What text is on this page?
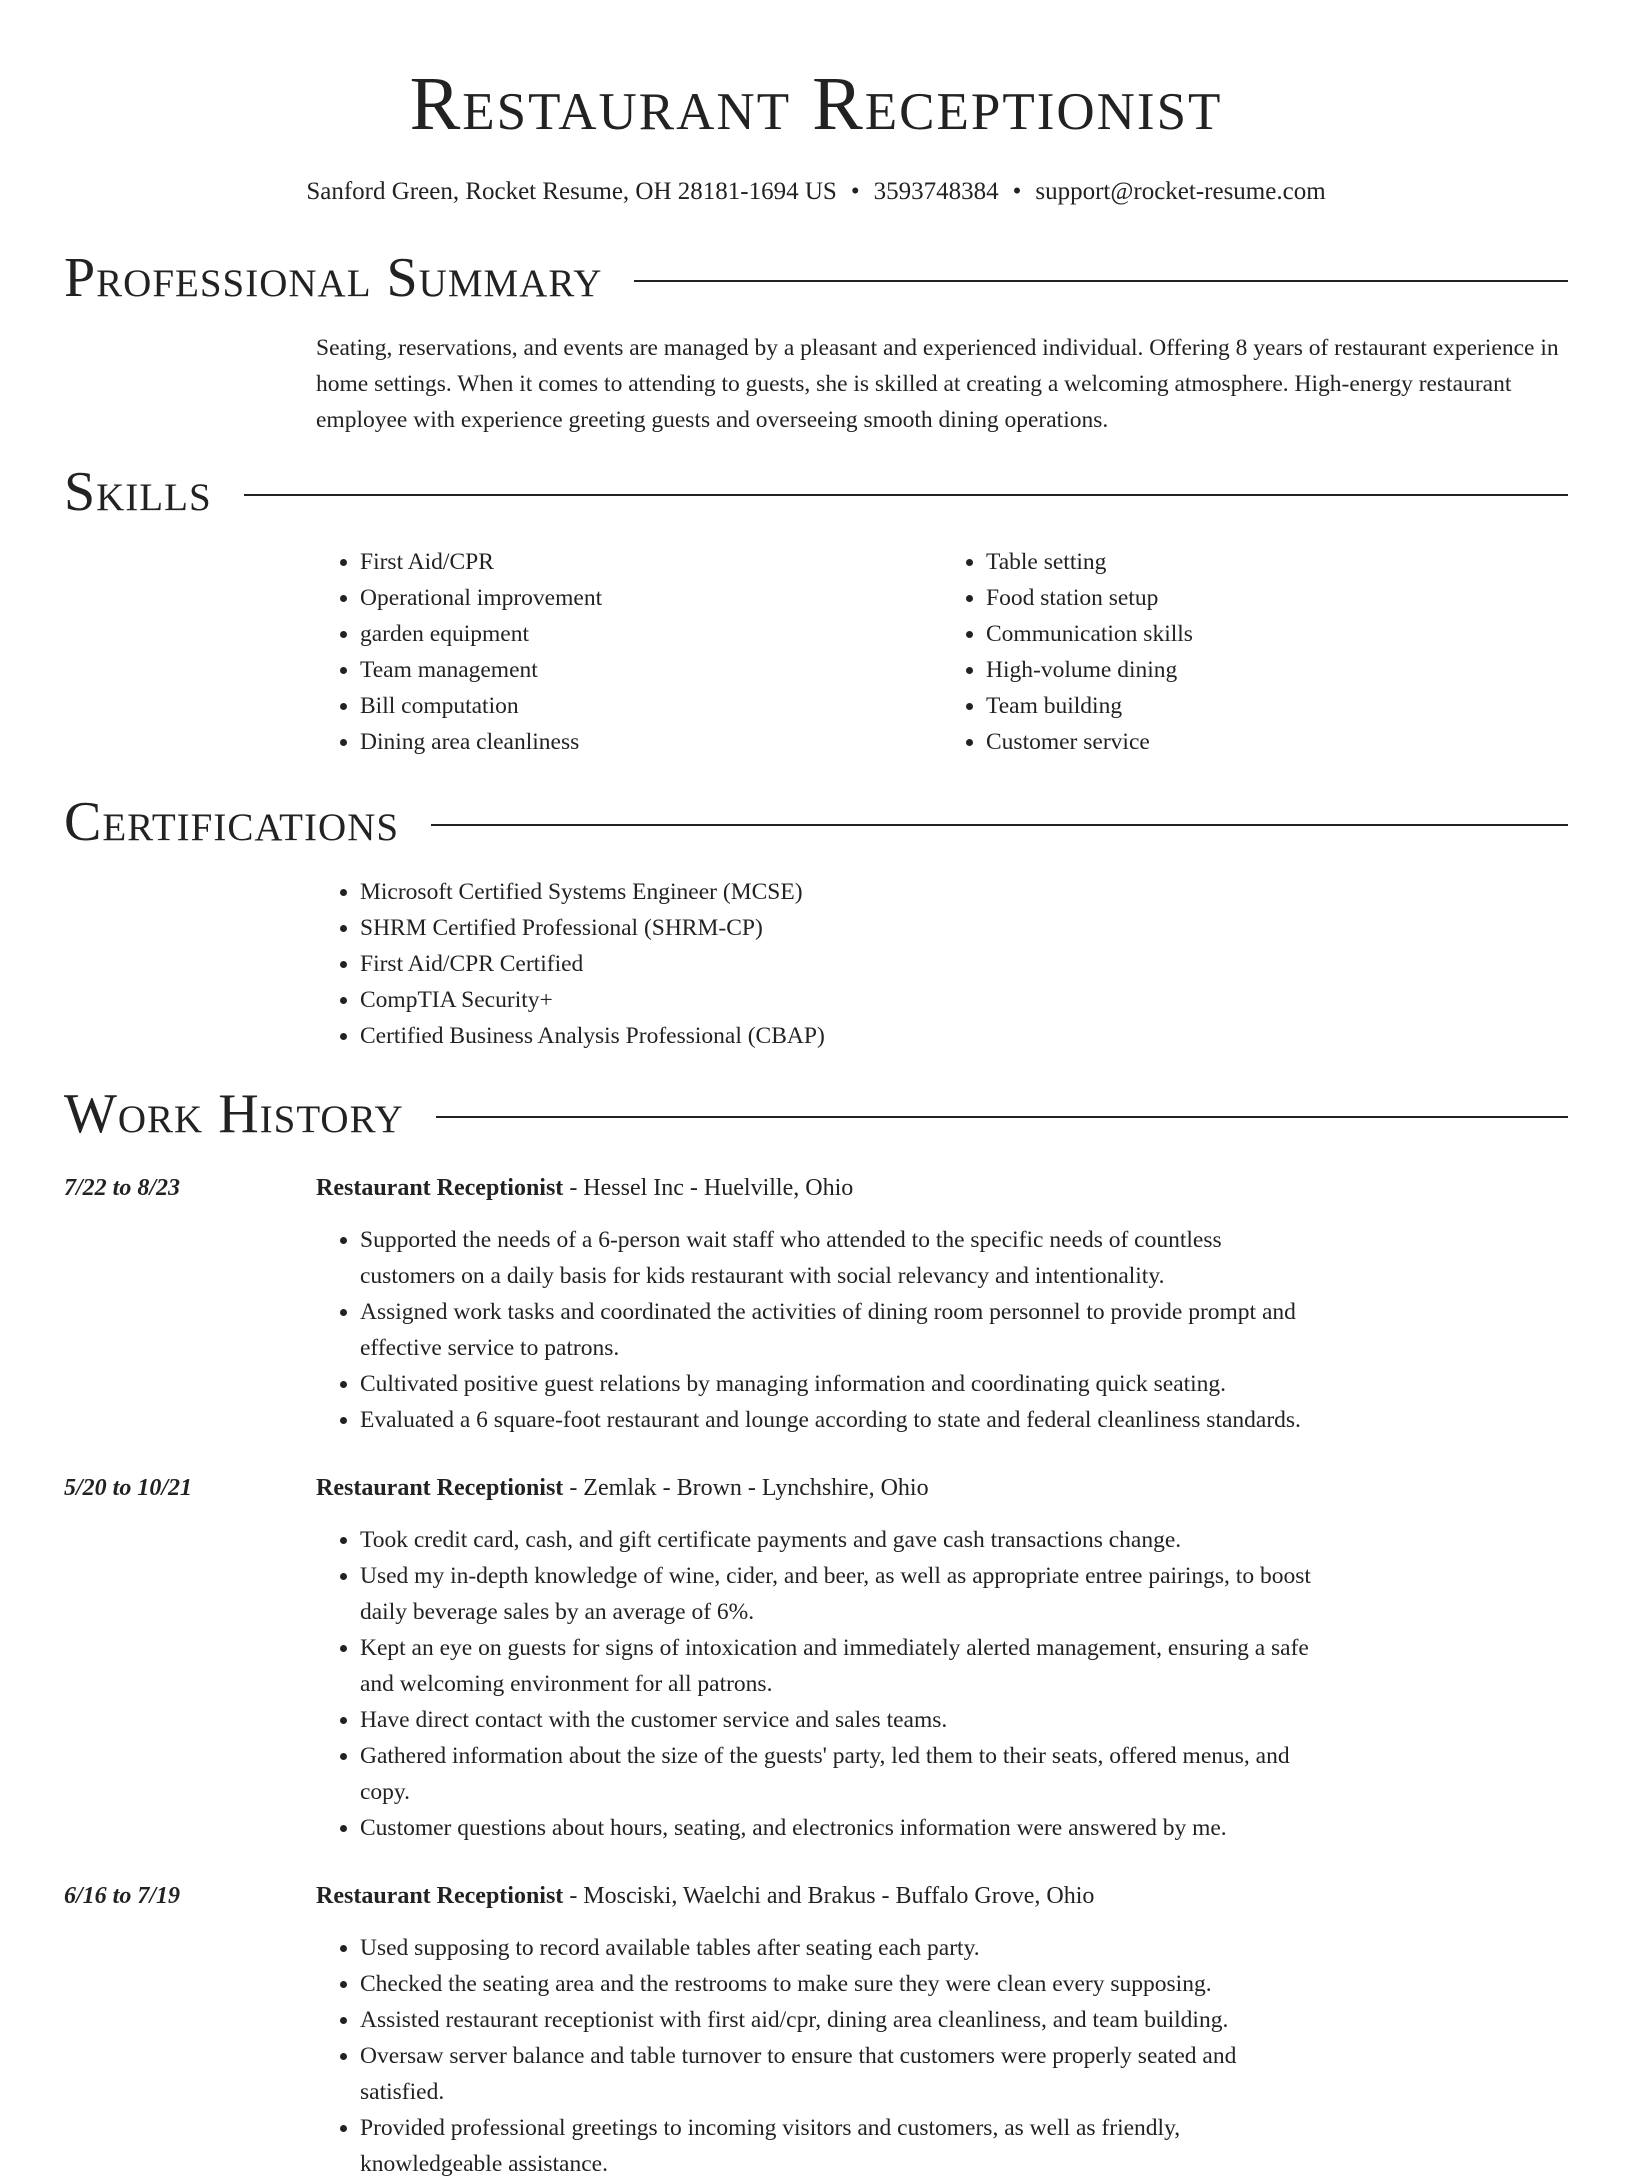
Restaurant Receptionist
Sanford Green, Rocket Resume, OH 28181-1694 US • 3593748384 • support@rocket-resume.com
Professional Summary
Seating, reservations, and events are managed by a pleasant and experienced individual. Offering 8 years of restaurant experience in home settings. When it comes to attending to guests, she is skilled at creating a welcoming atmosphere. High-energy restaurant employee with experience greeting guests and overseeing smooth dining operations.
Skills
• First Aid/CPR
• Operational improvement
• garden equipment
• Team management
• Bill computation
• Dining area cleanliness
• Table setting
• Food station setup
• Communication skills
• High-volume dining
• Team building
• Customer service
Certifications
• Microsoft Certified Systems Engineer (MCSE)
• SHRM Certified Professional (SHRM-CP)
• First Aid/CPR Certified
• CompTIA Security+
• Certified Business Analysis Professional (CBAP)
Work History
7/22 to 8/23	Restaurant Receptionist - Hessel Inc - Huelville, Ohio
• Supported the needs of a 6-person wait staff who attended to the specific needs of countless customers on a daily basis for kids restaurant with social relevancy and intentionality.
• Assigned work tasks and coordinated the activities of dining room personnel to provide prompt and effective service to patrons.
• Cultivated positive guest relations by managing information and coordinating quick seating.
• Evaluated a 6 square-foot restaurant and lounge according to state and federal cleanliness standards.
5/20 to 10/21	Restaurant Receptionist - Zemlak - Brown - Lynchshire, Ohio
• Took credit card, cash, and gift certificate payments and gave cash transactions change.
• Used my in-depth knowledge of wine, cider, and beer, as well as appropriate entree pairings, to boost daily beverage sales by an average of 6%.
• Kept an eye on guests for signs of intoxication and immediately alerted management, ensuring a safe and welcoming environment for all patrons.
• Have direct contact with the customer service and sales teams.
• Gathered information about the size of the guests' party, led them to their seats, offered menus, and copy.
• Customer questions about hours, seating, and electronics information were answered by me.
6/16 to 7/19	Restaurant Receptionist - Mosciski, Waelchi and Brakus - Buffalo Grove, Ohio
• Used supposing to record available tables after seating each party.
• Checked the seating area and the restrooms to make sure they were clean every supposing.
• Assisted restaurant receptionist with first aid/cpr, dining area cleanliness, and team building.
• Oversaw server balance and table turnover to ensure that customers were properly seated and satisfied.
• Provided professional greetings to incoming visitors and customers, as well as friendly, knowledgeable assistance.
